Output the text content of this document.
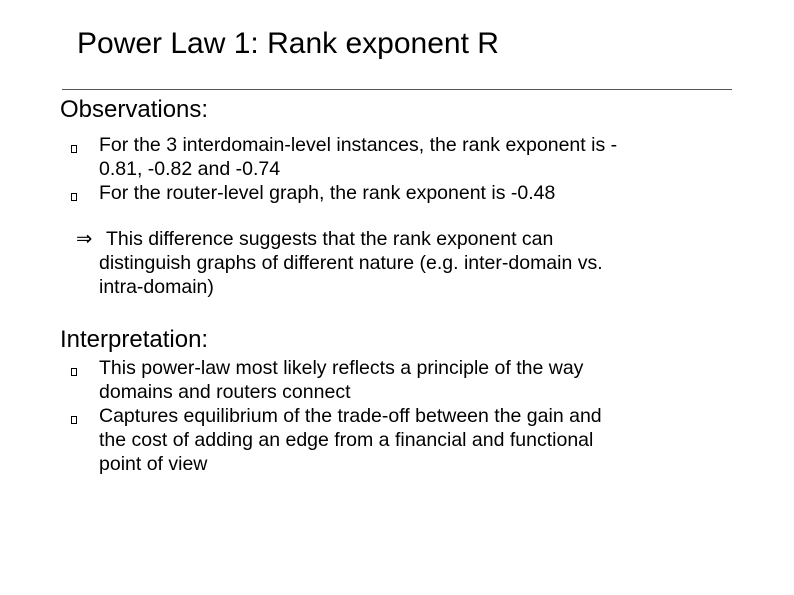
Power Law 1: Rank exponent R
Observations:
For the 3 interdomain-level instances, the rank exponent is -
0.81, -0.82 and -0.74
For the router-level graph, the rank exponent is -0.48
⇒ This difference suggests that the rank exponent can
distinguish graphs of different nature (e.g. inter-domain vs.
intra-domain)
Interpretation:
This power-law most likely reflects a principle of the way
domains and routers connect
Captures equilibrium of the trade-off between the gain and
the cost of adding an edge from a financial and functional
point of view
